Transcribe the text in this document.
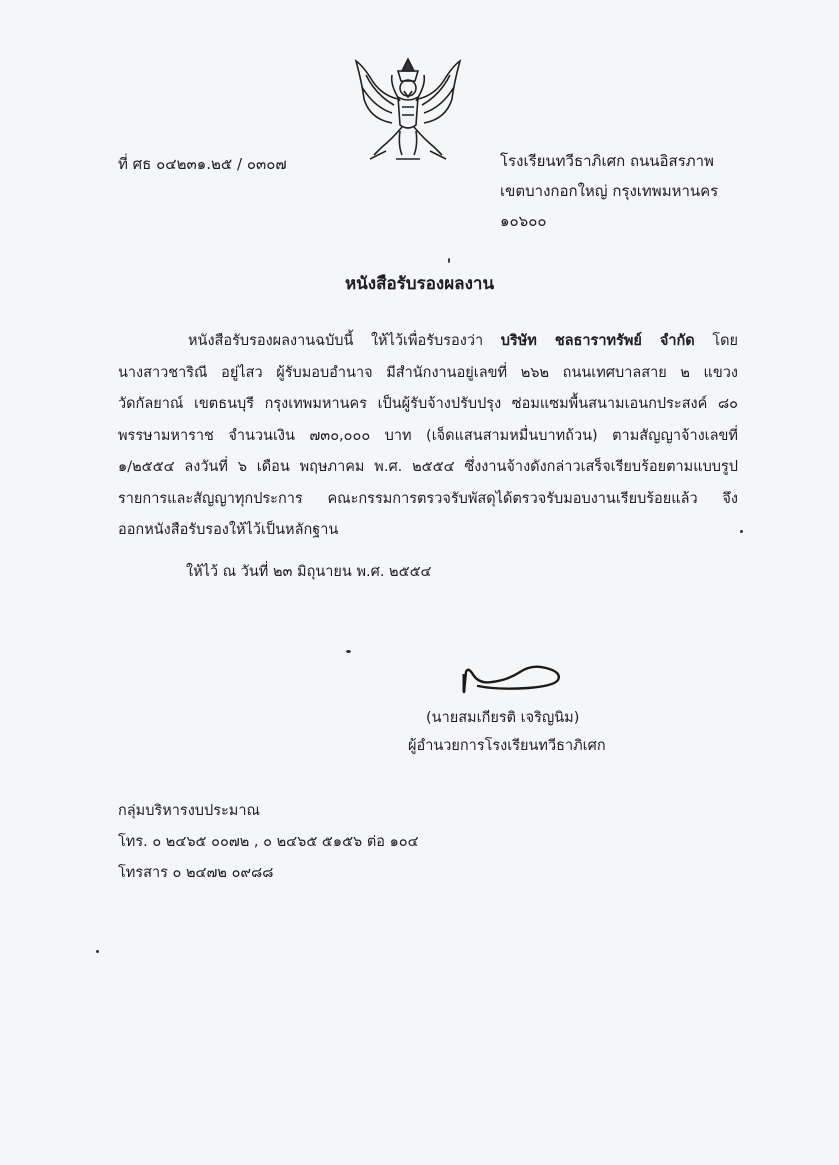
ที่ ศธ ๐๔๒๓๑.๒๕ / ๐๓๐๗	โรงเรียนทวีธาภิเศก ถนนอิสรภาพ
เขตบางกอกใหญ่ กรุงเทพมหานคร
๑๐๖๐๐
หนังสือรับรองผลงาน
หนังสือรับรองผลงานฉบับนี้ ให้ไว้เพื่อรับรองว่า บริษัท ชลธาราทรัพย์ จำกัด โดย
นางสาวชาริณี อยู่ไสว ผู้รับมอบอำนาจ มีสำนักงานอยู่เลขที่ ๒๖๒ ถนนเทศบาลสาย ๒ แขวง
วัดกัลยาณ์ เขตธนบุรี กรุงเทพมหานคร เป็นผู้รับจ้างปรับปรุง ซ่อมแซมพื้นสนามเอนกประสงค์ ๘๐
พรรษามหาราช จำนวนเงิน ๗๓๐,๐๐๐ บาท (เจ็ดแสนสามหมื่นบาทถ้วน) ตามสัญญาจ้างเลขที่
๑/๒๕๕๔ ลงวันที่ ๖ เดือน พฤษภาคม พ.ศ. ๒๕๕๔ ซึ่งงานจ้างดังกล่าวเสร็จเรียบร้อยตามแบบรูป
รายการและสัญญาทุกประการ คณะกรรมการตรวจรับพัสดุได้ตรวจรับมอบงานเรียบร้อยแล้ว จึง
ออกหนังสือรับรองให้ไว้เป็นหลักฐาน
ให้ไว้ ณ วันที่ ๒๓ มิถุนายน พ.ศ. ๒๕๕๔
(นายสมเกียรติ เจริญนิม)
ผู้อำนวยการโรงเรียนทวีธาภิเศก
กลุ่มบริหารงบประมาณ
โทร. ๐ ๒๔๖๕ ๐๐๗๒ , ๐ ๒๔๖๕ ๕๑๕๖ ต่อ ๑๐๔
โทรสาร ๐ ๒๔๗๒ ๐๙๘๘
